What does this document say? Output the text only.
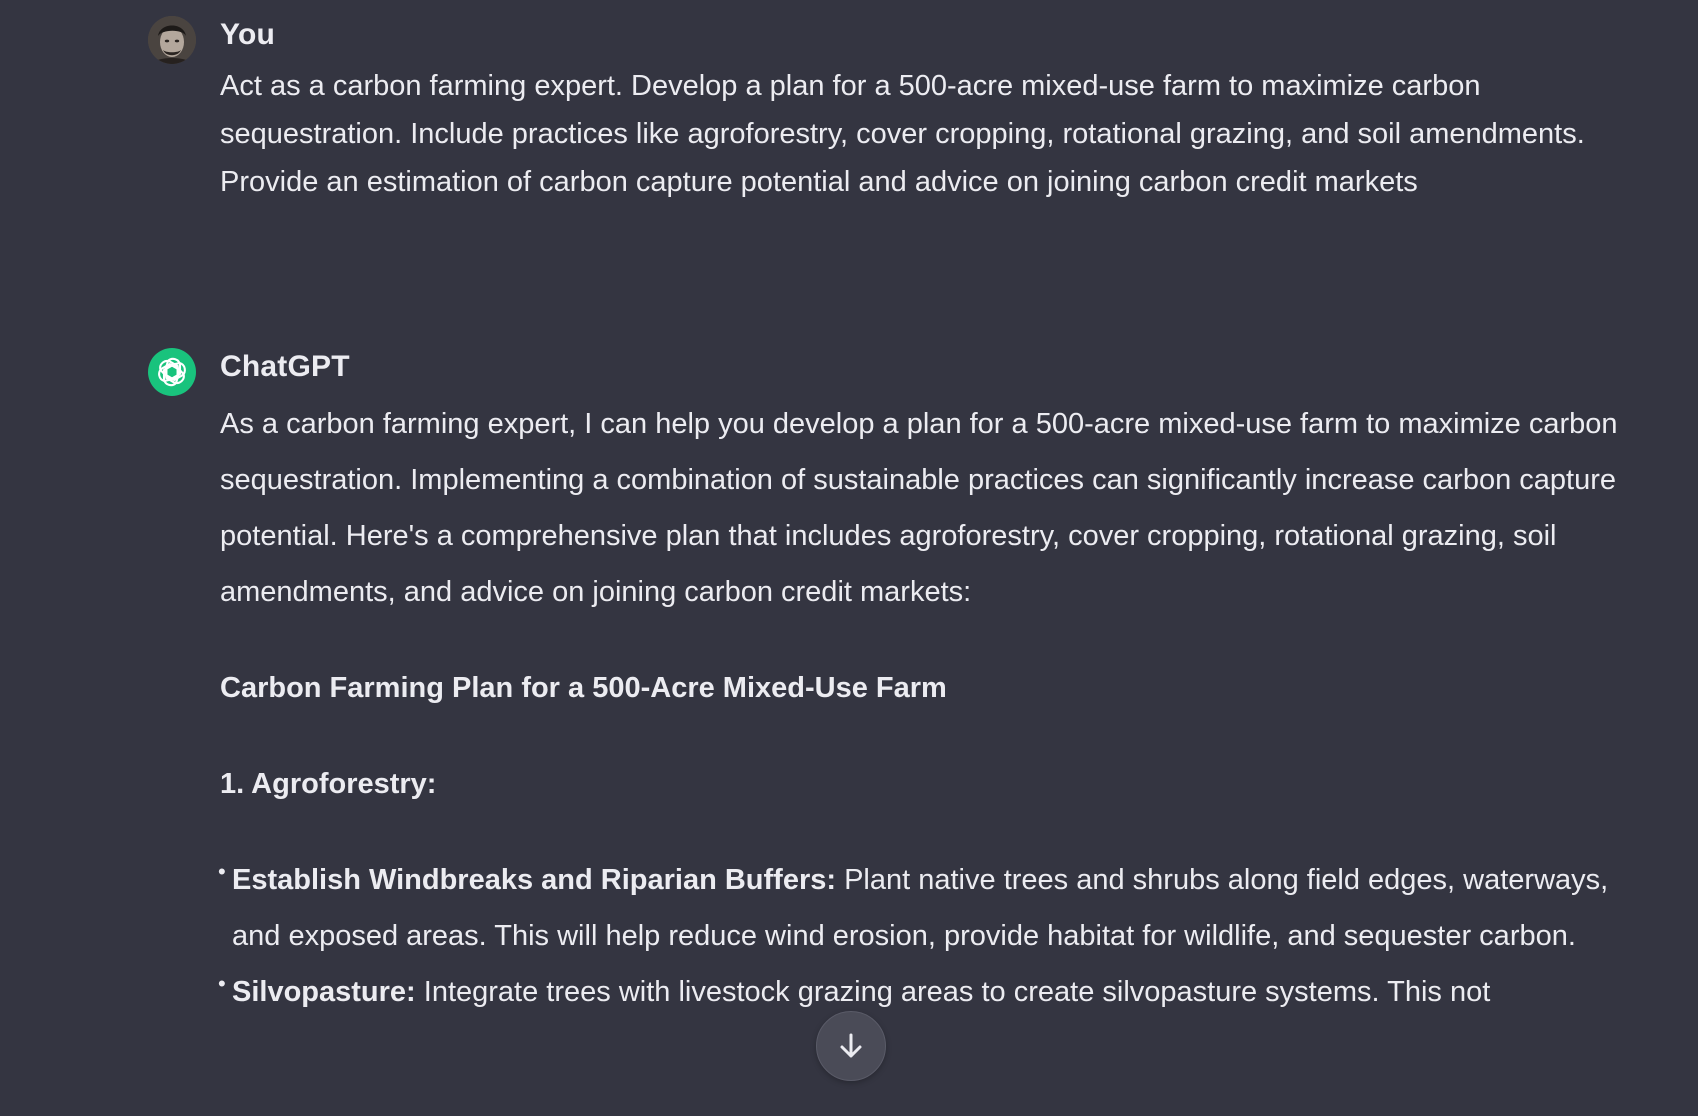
You
Act as a carbon farming expert. Develop a plan for a 500-acre mixed-use farm to maximize carbon sequestration. Include practices like agroforestry, cover cropping, rotational grazing, and soil amendments. Provide an estimation of carbon capture potential and advice on joining carbon credit markets
ChatGPT

As a carbon farming expert, I can help you develop a plan for a 500-acre mixed-use farm to maximize carbon sequestration. Implementing a combination of sustainable practices can significantly increase carbon capture potential. Here's a comprehensive plan that includes agroforestry, cover cropping, rotational grazing, soil amendments, and advice on joining carbon credit markets:

Carbon Farming Plan for a 500-Acre Mixed-Use Farm
1. Agroforestry:
• Establish Windbreaks and Riparian Buffers: Plant native trees and shrubs along field edges, waterways, and exposed areas. This will help reduce wind erosion, provide habitat for wildlife, and sequester carbon.
• Silvopasture: Integrate trees with livestock grazing areas to create silvopasture systems. This not
